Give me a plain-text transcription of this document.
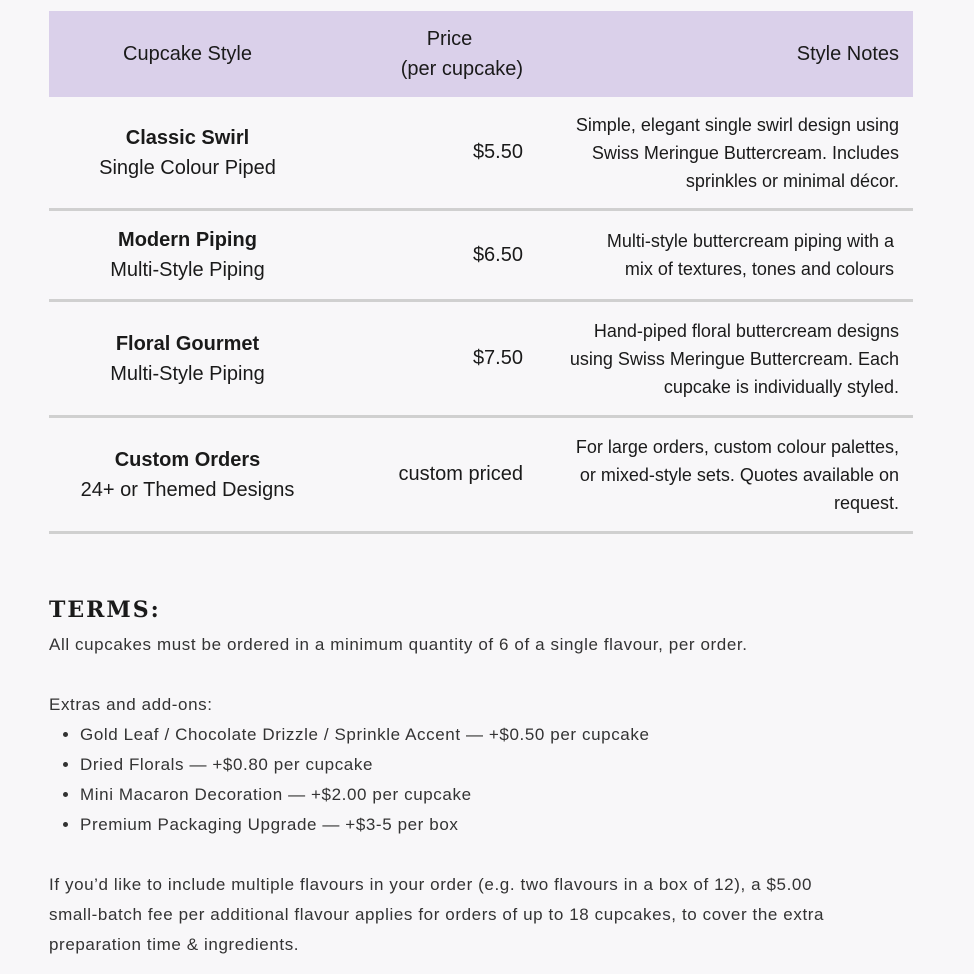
Cupcake Style
Price
(per cupcake)
Style Notes
Classic Swirl
Single Colour Piped
$5.50
Simple, elegant single swirl design using
Swiss Meringue Buttercream. Includes
sprinkles or minimal décor.
Modern Piping
Multi-Style Piping
$6.50
Multi-style buttercream piping with a
mix of textures, tones and colours
Floral Gourmet
Multi-Style Piping
$7.50
Hand-piped floral buttercream designs
using Swiss Meringue Buttercream. Each
cupcake is individually styled.
Custom Orders
24+ or Themed Designs
custom priced
For large orders, custom colour palettes,
or mixed-style sets. Quotes available on
request.
TERMS:

All cupcakes must be ordered in a minimum quantity of 6 of a single flavour, per order.

Extras and add-ons:

• Gold Leaf / Chocolate Drizzle / Sprinkle Accent — +$0.50 per cupcake
• Dried Florals — +$0.80 per cupcake
• Mini Macaron Decoration — +$2.00 per cupcake
• Premium Packaging Upgrade — +$3-5 per box

If you’d like to include multiple flavours in your order (e.g. two flavours in a box of 12), a $5.00
small-batch fee per additional flavour applies for orders of up to 18 cupcakes, to cover the extra
preparation time & ingredients.
